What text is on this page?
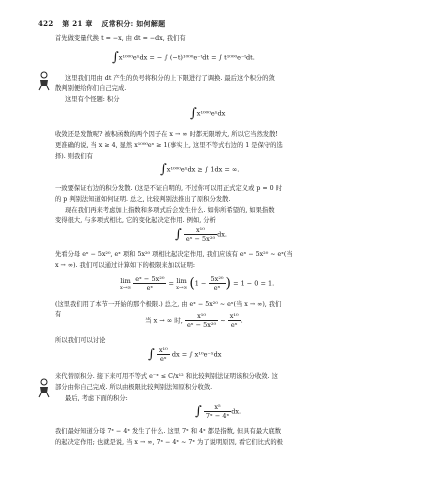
422 第 21 章 反常积分: 如何解题
首先做变量代换 t = −x, 由 dt = −dx, 我们有
∫x¹⁰⁰⁰eˣdx = − ∫ (−t)¹⁰⁰⁰e⁻ᵗdt = ∫ t¹⁰⁰⁰e⁻ᵗdt.
这里我们用由 dt 产生的负号将积分的上下限进行了调换. 最后这个积分的敛
散判别便给你们自己完成.
这里有个怪题: 积分
∫x¹⁰⁰⁰eˣdx
收敛还是发散呢? 被积函数的两个因子在 x → ∞ 时都无限增大, 所以它当然发散!
更准确的说, 当 x ≥ 4, 显然 x¹⁰⁰⁰eˣ ≥ 1(事实上, 这里不等式右边的 1 是保守的选
择). 则我们有
∫x¹⁰⁰⁰eˣdx ≥ ∫ 1dx = ∞.
一致要保证右边的积分发散. (这是不证自明的, 不过你可以用正式定义或 p = 0 时
的 p 判别法知道如何证明. 总之, 比较判别法推出了原积分发散.
现在我们再来考虑加上指数和多项式后会发生什么. 如你所希望的, 如果指数
变得很大, 与多项式相比, 它的变化起决定作用. 例如, 分析
∫ $\frac{\text{x¹⁰}}{\text{eˣ − 5x²⁰}}$ dx.
先看分母 eˣ − 5x²⁰, eˣ 项和 5x²⁰ 项相比起决定作用, 我们应该有 eˣ − 5x²⁰ ~ eˣ(当
x → ∞). 我们可以通过计算如下的极限来加以证明:
lim
x→∞
$\frac{\text{eˣ − 5x²⁰}}{\text{eˣ}} = \lim$
x→∞ ($1 - \frac{\text{5x²⁰}}{\text{eˣ}}$ ) = 1 − 0 = 1.
(这里我们用了本节一开始的那个极限.) 总之, 由 eˣ − 5x²⁰ ~ eˣ(当 x → ∞), 我们
有
当 x → ∞ 时, $\frac{\text{x¹⁰}}{\text{eˣ − 5x²⁰}}$ ~ $\frac{\text{x¹⁰}}{\text{eˣ}}$ .
所以我们可以讨论
∫ $\frac{\text{x¹⁰}}{\text{eˣ}}$ dx = ∫ x¹⁰e⁻ˣdx
来代替原积分. 接下来可用不等式 e⁻ˣ ≤ C/x¹² 和比较判别法证明该积分收敛. 这
部分由你自己完成. 所以由极限比较判别法知原积分收敛.
最后, 考虑下面的积分:
∫ $\frac{\text{x⁵}}{\text{7ˣ − 4ˣ}}$ dx.
我们最好知道分母 7ˣ − 4ˣ 发生了什么. 这里 7ˣ 和 4ˣ 都是指数, 但具有最大底数
的起决定作用; 也就是说, 当 x → ∞, 7ˣ − 4ˣ ~ 7ˣ 为了说明原因, 看它们比式的极
